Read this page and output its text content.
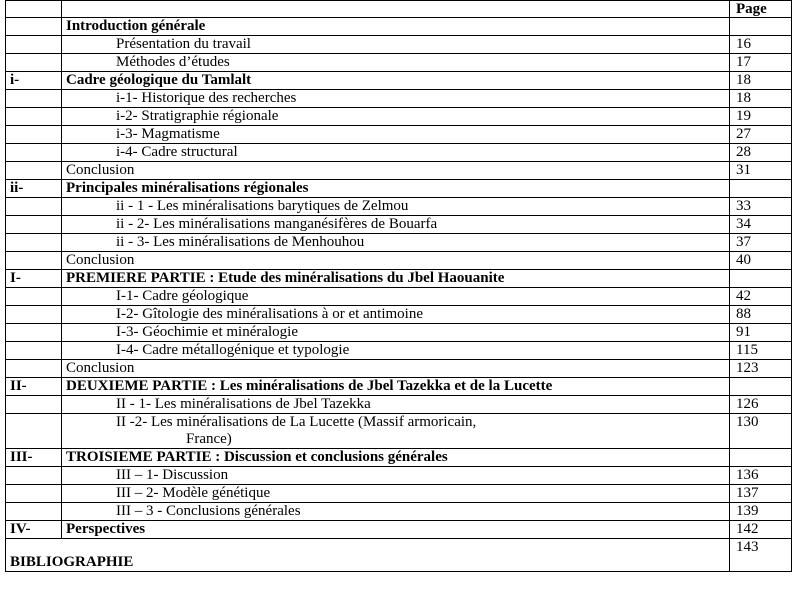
		Page
	Introduction générale	
	Présentation du travail	16
	Méthodes d’études	17
i-	Cadre géologique du Tamlalt	18
	i-1- Historique des recherches	18
	i-2- Stratigraphie régionale	19
	i-3- Magmatisme	27
	i-4- Cadre structural	28
	Conclusion	31
ii-	Principales minéralisations régionales	
	ii - 1 - Les minéralisations barytiques de Zelmou	33
	ii - 2- Les minéralisations manganésifères de Bouarfa	34
	ii - 3- Les minéralisations de Menhouhou	37
	Conclusion	40
I-	PREMIERE PARTIE : Etude des minéralisations du Jbel Haouanite	
	I-1- Cadre géologique	42
	I-2- Gîtologie des minéralisations à or et antimoine	88
	I-3- Géochimie et minéralogie	91
	I-4- Cadre métallogénique et typologie	115
	Conclusion	123
II-	DEUXIEME PARTIE : Les minéralisations de Jbel Tazekka et de la Lucette	
	II - 1- Les minéralisations de Jbel Tazekka	126

	II -2- Les minéralisations de La Lucette (Massif armoricain,
France)	130
III-	TROISIEME PARTIE : Discussion et conclusions générales	
	III – 1- Discussion	136
	III – 2- Modèle génétique	137
	III – 3 - Conclusions générales	139
IV-	Perspectives	142
BIBLIOGRAPHIE		143
